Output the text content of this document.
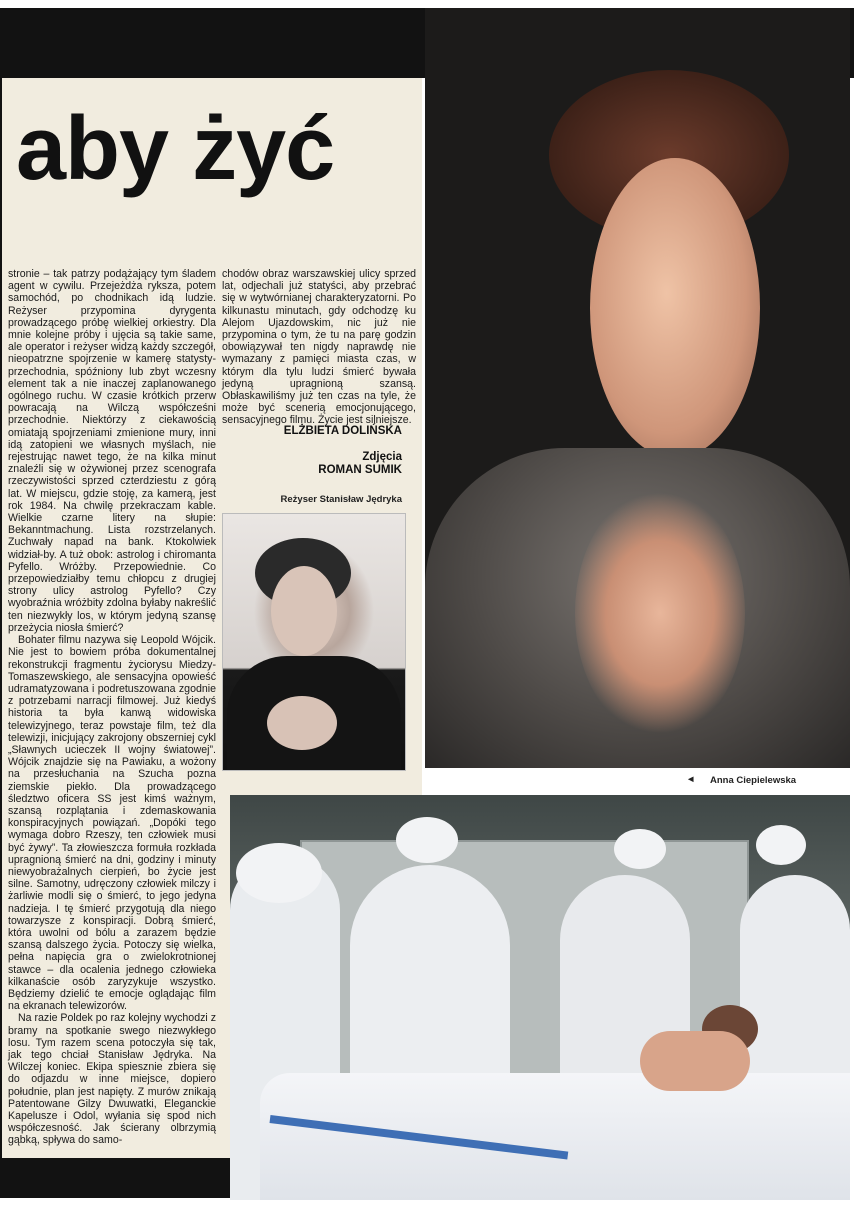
aby żyć

stronie – tak patrzy podążający tym śladem agent w cywilu. Przejeżdża ryksza, potem samochód, po chodnikach idą ludzie. Reżyser przypomina dyrygenta prowadzącego próbę wielkiej orkiestry. Dla mnie kolejne próby i ujęcia są takie same, ale operator i reżyser widzą każdy szczegół, nieopatrzne spojrzenie w kamerę statysty-przechodnia, spóźniony lub zbyt wczesny element tak a nie inaczej zaplanowanego ogólnego ruchu. W czasie krótkich przerw powracają na Wilczą współcześni przechodnie. Niektórzy z ciekawością omiatają spojrzeniami zmienione mury, inni idą zatopieni we własnych myślach, nie rejestrując nawet tego, że na kilka minut znaleźli się w ożywionej przez scenografa rzeczywistości sprzed czterdziestu z górą lat. W miejscu, gdzie stoję, za kamerą, jest rok 1984. Na chwilę przekraczam kable. Wielkie czarne litery na słupie: Bekanntmachung. Lista rozstrzelanych. Zuchwały napad na bank. Ktokolwiek widział-by. A tuż obok: astrolog i chiromanta Pyfello. Wróżby. Przepowiednie. Co przepowiedziałby temu chłopcu z drugiej strony ulicy astrolog Pyfello? Czy wyobraźnia wróżbity zdolna byłaby nakreślić ten niezwykły los, w którym jedyną szansę przeżycia niosła śmierć?

Bohater filmu nazywa się Leopold Wójcik. Nie jest to bowiem próba dokumentalnej rekonstrukcji fragmentu życiorysu Miedzy-Tomaszewskiego, ale sensacyjna opowieść udramatyzowana i podretuszowana zgodnie z potrzebami narracji filmowej. Już kiedyś historia ta była kanwą widowiska telewizyjnego, teraz powstaje film, też dla telewizji, inicjujący zakrojony obszerniej cykl „Sławnych ucieczek II wojny światowej”. Wójcik znajdzie się na Pawiaku, a wożony na przesłuchania na Szucha pozna ziemskie piekło. Dla prowadzącego śledztwo oficera SS jest kimś ważnym, szansą rozplątania i zdemaskowania konspiracyjnych powiązań. „Dopóki tego wymaga dobro Rzeszy, ten człowiek musi być żywy”. Ta złowieszcza formuła rozkłada upragnioną śmierć na dni, godziny i minuty niewyobrażalnych cierpień, bo życie jest silne. Samotny, udręczony człowiek milczy i żarliwie modli się o śmierć, to jego jedyna nadzieja. I tę śmierć przygotują dla niego towarzysze z konspiracji. Dobrą śmierć, która uwolni od bólu a zarazem będzie szansą dalszego życia. Potoczy się wielka, pełna napięcia gra o zwielokrotnionej stawce – dla ocalenia jednego człowieka kilkanaście osób zaryzykuje wszystko. Będziemy dzielić te emocje oglądając film na ekranach telewizorów.

Na razie Poldek po raz kolejny wychodzi z bramy na spotkanie swego niezwykłego losu. Tym razem scena potoczyła się tak, jak tego chciał Stanisław Jędryka. Na Wilczej koniec. Ekipa spiesznie zbiera się do odjazdu w inne miejsce, dopiero południe, plan jest napięty. Z murów znikają Patentowane Gilzy Dwuwatki, Eleganckie Kapelusze i Odol, wyłania się spod nich współczesność. Jak ścierany olbrzymią gąbką, spływa do samo-

chodów obraz warszawskiej ulicy sprzed lat, odjechali już statyści, aby przebrać się w wytwórnianej charakteryzatorni. Po kilkunastu minutach, gdy odchodzę ku Alejom Ujazdowskim, nic już nie przypomina o tym, że tu na parę godzin obowiązywał ten nigdy naprawdę nie wymazany z pamięci miasta czas, w którym dla tylu ludzi śmierć bywała jedyną upragnioną szansą. Obłaskawiliśmy już ten czas na tyle, że może być scenerią emocjonującego, sensacyjnego filmu. Życie jest silniejsze.

ELŻBIETA DOLIŃSKA
Zdjęcia
ROMAN SUMIK
Reżyser Stanisław Jędryka
◄ Anna Ciepielewska
